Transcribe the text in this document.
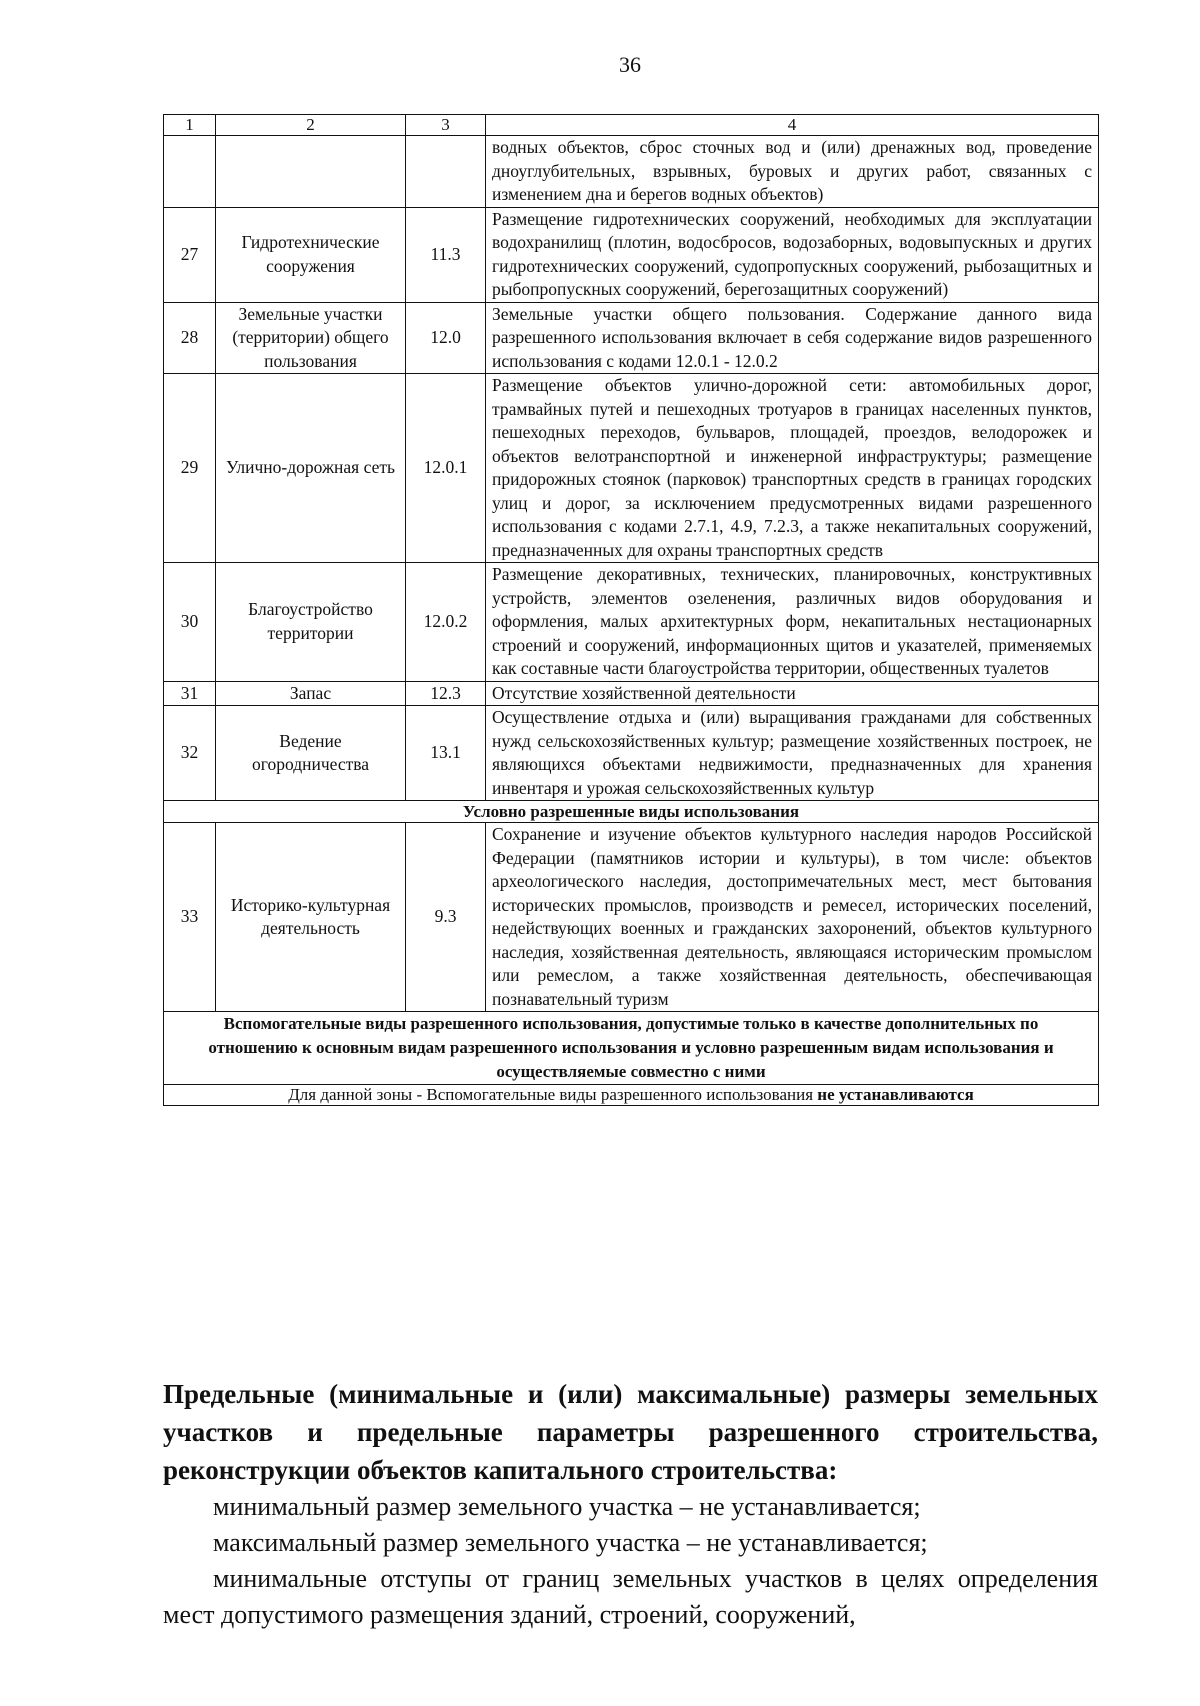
36
1	2	3	4
			водных объектов, сброс сточных вод и (или) дренажных вод, проведение дноуглубительных, взрывных, буровых и других работ, связанных с изменением дна и берегов водных объектов)
27	Гидротехнические сооружения	11.3	Размещение гидротехнических сооружений, необходимых для эксплуатации водохранилищ (плотин, водосбросов, водозаборных, водовыпускных и других гидротехнических сооружений, судопропускных сооружений, рыбозащитных и рыбопропускных сооружений, берегозащитных сооружений)
28	Земельные участки (территории) общего пользования	12.0	Земельные участки общего пользования. Содержание данного вида разрешенного использования включает в себя содержание видов разрешенного использования с кодами 12.0.1 - 12.0.2
29	Улично-дорожная сеть	12.0.1	Размещение объектов улично-дорожной сети: автомобильных дорог, трамвайных путей и пешеходных тротуаров в границах населенных пунктов, пешеходных переходов, бульваров, площадей, проездов, велодорожек и объектов велотранспортной и инженерной инфраструктуры; размещение придорожных стоянок (парковок) транспортных средств в границах городских улиц и дорог, за исключением предусмотренных видами разрешенного использования с кодами 2.7.1, 4.9, 7.2.3, а также некапитальных сооружений, предназначенных для охраны транспортных средств
30	Благоустройство территории	12.0.2	Размещение декоративных, технических, планировочных, конструктивных устройств, элементов озеленения, различных видов оборудования и оформления, малых архитектурных форм, некапитальных нестационарных строений и сооружений, информационных щитов и указателей, применяемых как составные части благоустройства территории, общественных туалетов
31	Запас	12.3	Отсутствие хозяйственной деятельности
32	Ведение огородничества	13.1	Осуществление отдыха и (или) выращивания гражданами для собственных нужд сельскохозяйственных культур; размещение хозяйственных построек, не являющихся объектами недвижимости, предназначенных для хранения инвентаря и урожая сельскохозяйственных культур
Условно разрешенные виды использования			
33	Историко-культурная деятельность	9.3	Сохранение и изучение объектов культурного наследия народов Российской Федерации (памятников истории и культуры), в том числе: объектов археологического наследия, достопримечательных мест, мест бытования исторических промыслов, производств и ремесел, исторических поселений, недействующих военных и гражданских захоронений, объектов культурного наследия, хозяйственная деятельность, являющаяся историческим промыслом или ремеслом, а также хозяйственная деятельность, обеспечивающая познавательный туризм
Вспомогательные виды разрешенного использования, допустимые только в качестве дополнительных по отношению к основным видам разрешенного использования и условно разрешенным видам использования и осуществляемые совместно с ними			
Для данной зоны - Вспомогательные виды разрешенного использования не устанавливаются			
Предельные (минимальные и (или) максимальные) размеры земельных участков и предельные параметры разрешенного строительства, реконструкции объектов капитального строительства:
минимальный размер земельного участка – не устанавливается;
максимальный размер земельного участка – не устанавливается;
минимальные отступы от границ земельных участков в целях определения мест допустимого размещения зданий, строений, сооружений,
